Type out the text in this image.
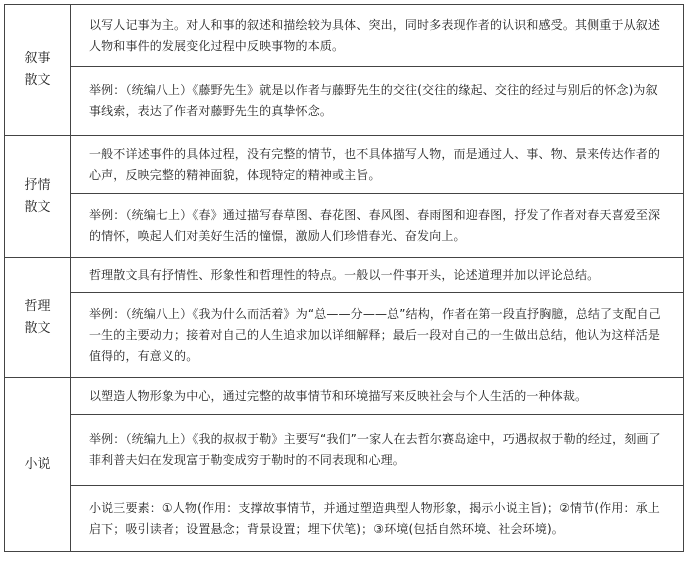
叙事散文	以写人记事为主。对人和事的叙述和描绘较为具体、突出，同时多表现作者的认识和感受。其侧重于从叙述人物和事件的发展变化过程中反映事物的本质。
	举例：（统编八上）《藤野先生》就是以作者与藤野先生的交往(交往的缘起、交往的经过与别后的怀念)为叙事线索，表达了作者对藤野先生的真挚怀念。
抒情散文	一般不详述事件的具体过程，没有完整的情节，也不具体描写人物，而是通过人、事、物、景来传达作者的心声，反映完整的精神面貌，体现特定的精神或主旨。
	举例：（统编七上）《春》通过描写春草图、春花图、春风图、春雨图和迎春图，抒发了作者对春天喜爱至深的情怀，唤起人们对美好生活的憧憬，激励人们珍惜春光、奋发向上。
哲理散文	哲理散文具有抒情性、形象性和哲理性的特点。一般以一件事开头，论述道理并加以评论总结。
	举例：（统编八上）《我为什么而活着》为“总——分——总”结构，作者在第一段直抒胸臆，总结了支配自己一生的主要动力；接着对自己的人生追求加以详细解释；最后一段对自己的一生做出总结，他认为这样活是值得的，有意义的。
小说	以塑造人物形象为中心，通过完整的故事情节和环境描写来反映社会与个人生活的一种体裁。
	举例：（统编九上）《我的叔叔于勒》主要写“我们”一家人在去哲尔赛岛途中，巧遇叔叔于勒的经过，刻画了菲利普夫妇在发现富于勒变成穷于勒时的不同表现和心理。
	小说三要素：①人物(作用：支撑故事情节，并通过塑造典型人物形象，揭示小说主旨)；②情节(作用：承上启下；吸引读者；设置悬念；背景设置；埋下伏笔)；③环境(包括自然环境、社会环境)。
